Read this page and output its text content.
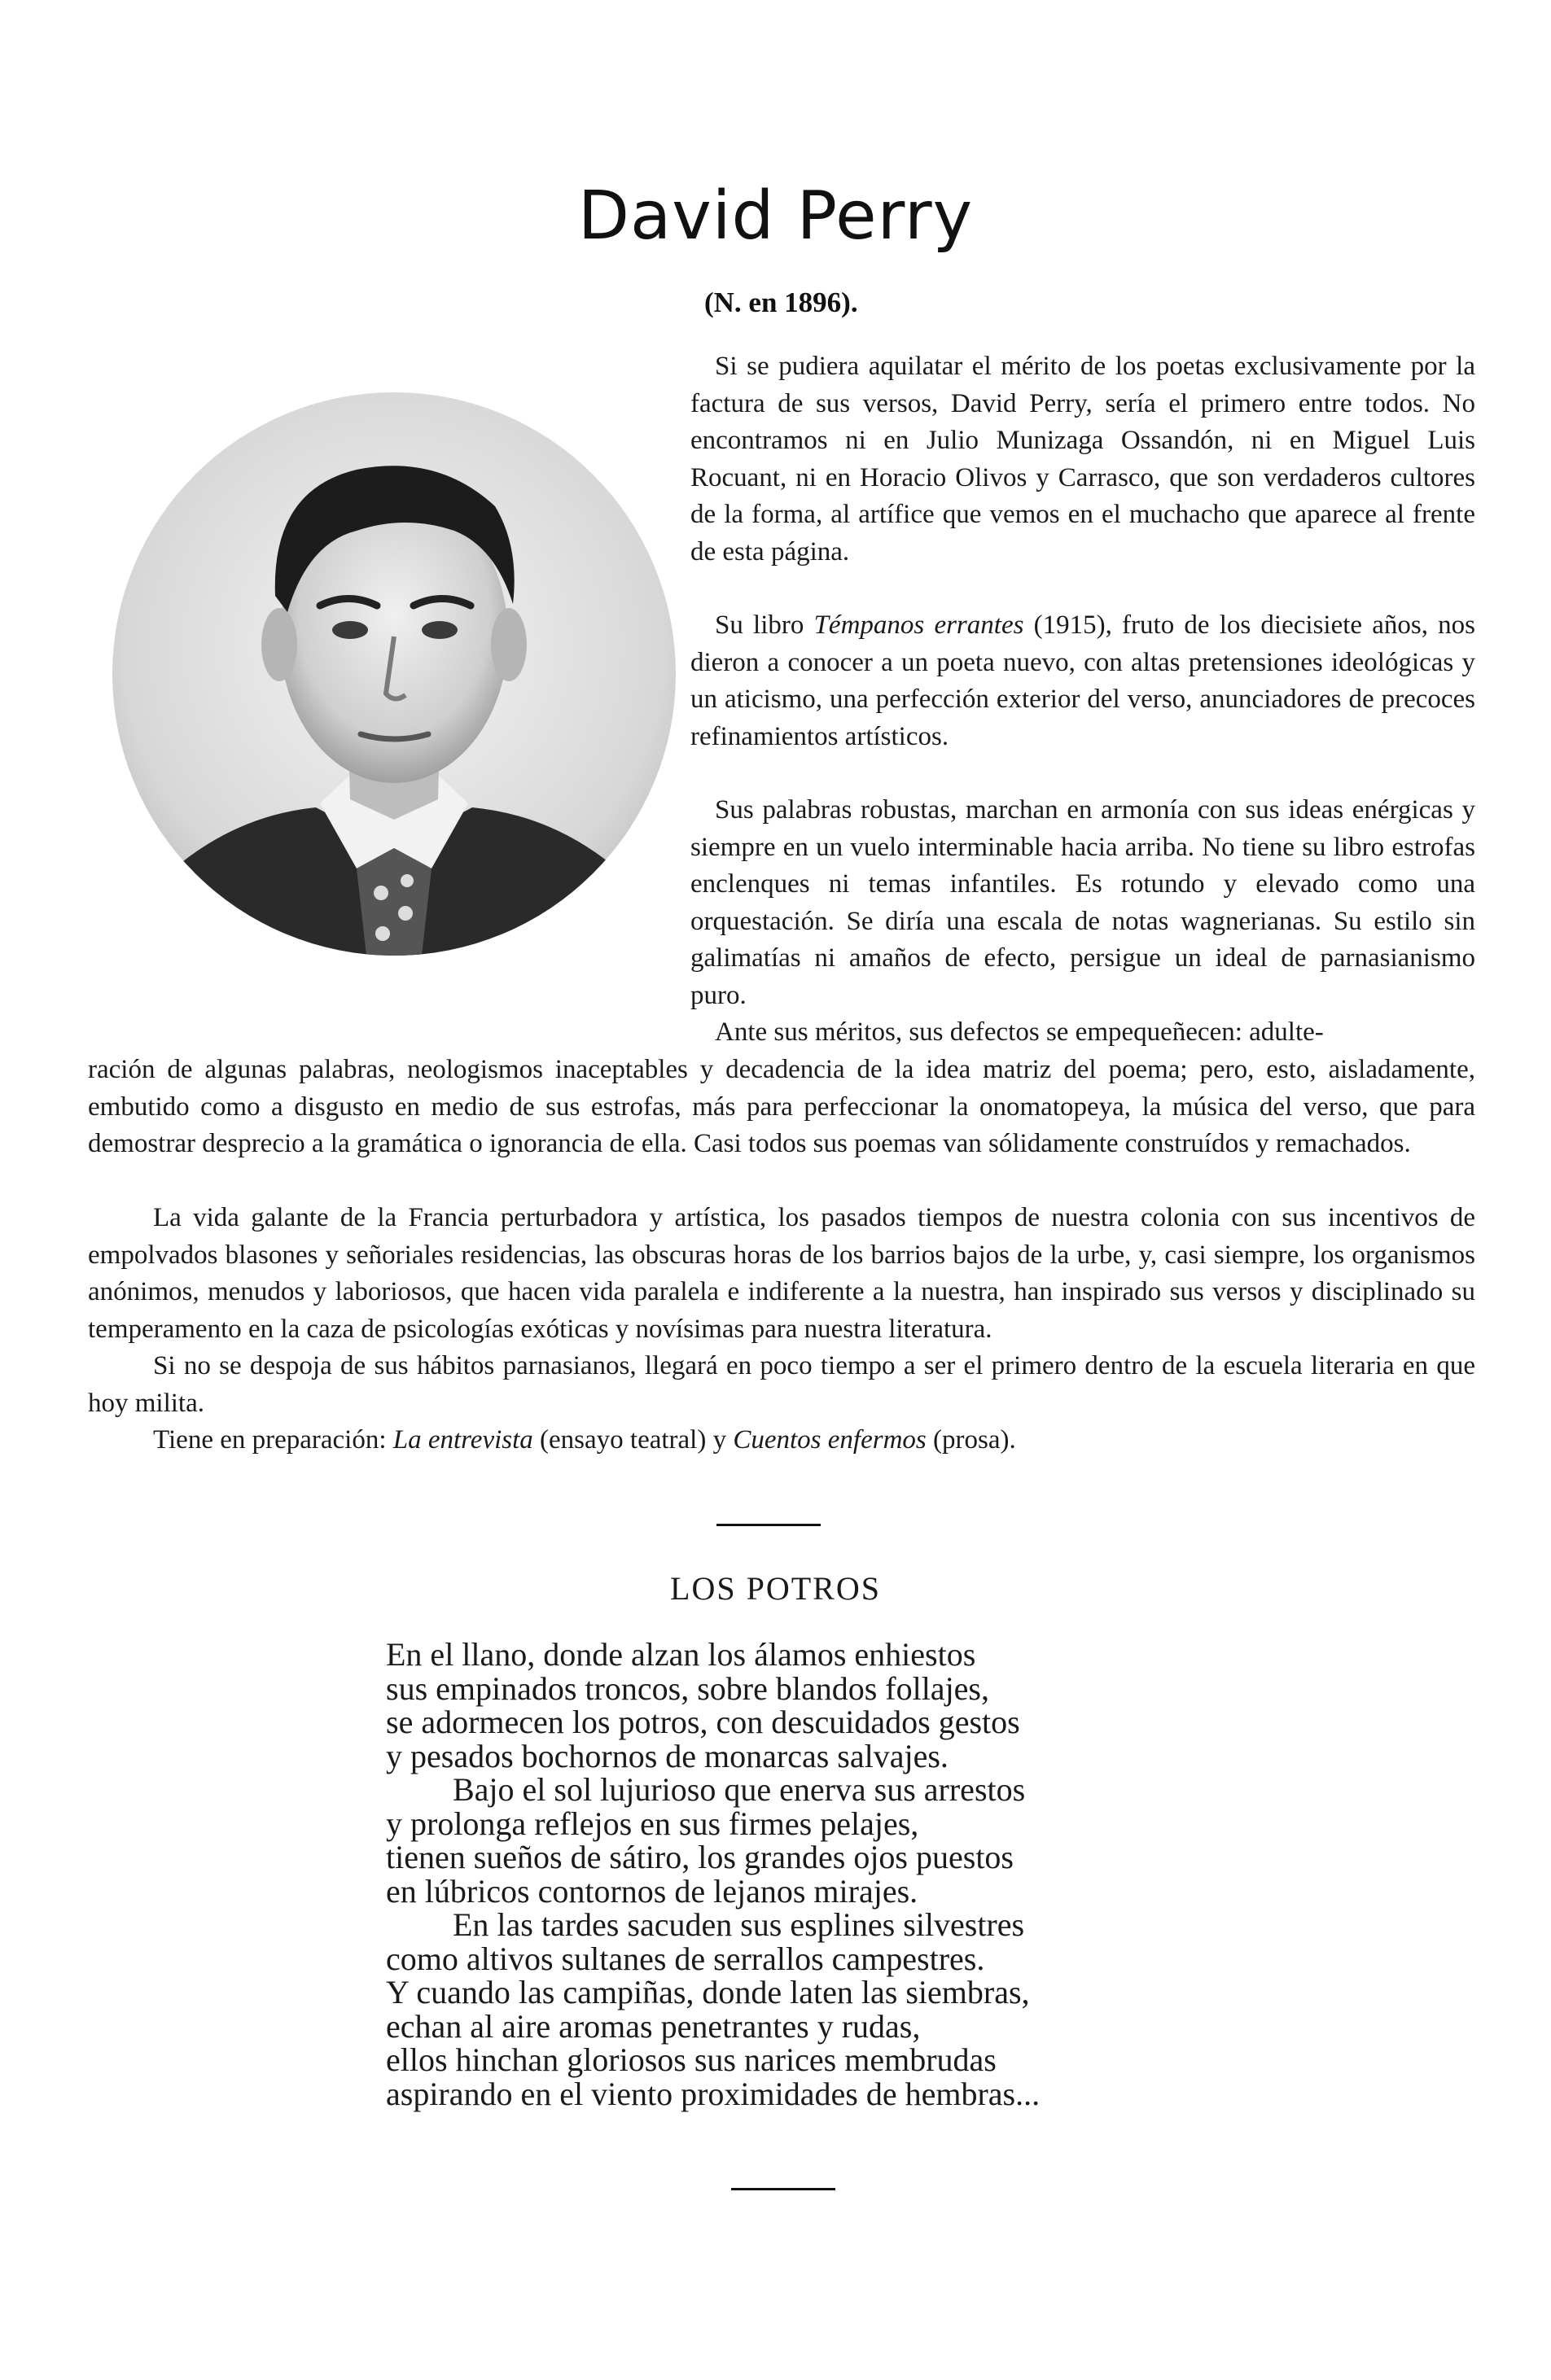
David Perry
(N. en 1896).

Si se pudiera aquilatar el mérito de los poetas exclusivamente por la factura de sus versos, David Perry, sería el primero entre todos. No encontramos ni en Julio Munizaga Ossandón, ni en Miguel Luis Rocuant, ni en Horacio Olivos y Carrasco, que son verdaderos cultores de la forma, al artífice que vemos en el muchacho que aparece al frente de esta página.

Su libro Témpanos errantes (1915), fruto de los diecisiete años, nos dieron a conocer a un poeta nuevo, con altas pretensiones ideológicas y un aticismo, una perfección exterior del verso, anunciadores de precoces refinamientos artísticos.

Sus palabras robustas, marchan en armonía con sus ideas enérgicas y siempre en un vuelo interminable hacia arriba. No tiene su libro estrofas enclenques ni temas infantiles. Es rotundo y elevado como una orquestación. Se diría una escala de notas wagnerianas. Su estilo sin galimatías ni amaños de efecto, persigue un ideal de parnasianismo puro.

Ante sus méritos, sus defectos se empequeñecen: adulte-

ración de algunas palabras, neologismos inaceptables y decadencia de la idea matriz del poema; pero, esto, aisladamente, embutido como a disgusto en medio de sus estrofas, más para perfeccionar la onomatopeya, la música del verso, que para demostrar desprecio a la gramática o ignorancia de ella. Casi todos sus poemas van sólidamente construídos y remachados.

La vida galante de la Francia perturbadora y artística, los pasados tiempos de nuestra colonia con sus incentivos de empolvados blasones y señoriales residencias, las obscuras horas de los barrios bajos de la urbe, y, casi siempre, los organismos anónimos, menudos y laboriosos, que hacen vida paralela e indiferente a la nuestra, han inspirado sus versos y disciplinado su temperamento en la caza de psicologías exóticas y novísimas para nuestra literatura.

Si no se despoja de sus hábitos parnasianos, llegará en poco tiempo a ser el primero dentro de la escuela literaria en que hoy milita.

Tiene en preparación: La entrevista (ensayo teatral) y Cuentos enfermos (prosa).

LOS POTROS
En el llano, donde alzan los álamos enhiestos
sus empinados troncos, sobre blandos follajes,
se adormecen los potros, con descuidados gestos
y pesados bochornos de monarcas salvajes.
Bajo el sol lujurioso que enerva sus arrestos
y prolonga reflejos en sus firmes pelajes,
tienen sueños de sátiro, los grandes ojos puestos
en lúbricos contornos de lejanos mirajes.
En las tardes sacuden sus esplines silvestres
como altivos sultanes de serrallos campestres.
Y cuando las campiñas, donde laten las siembras,
echan al aire aromas penetrantes y rudas,
ellos hinchan gloriosos sus narices membrudas
aspirando en el viento proximidades de hembras...
